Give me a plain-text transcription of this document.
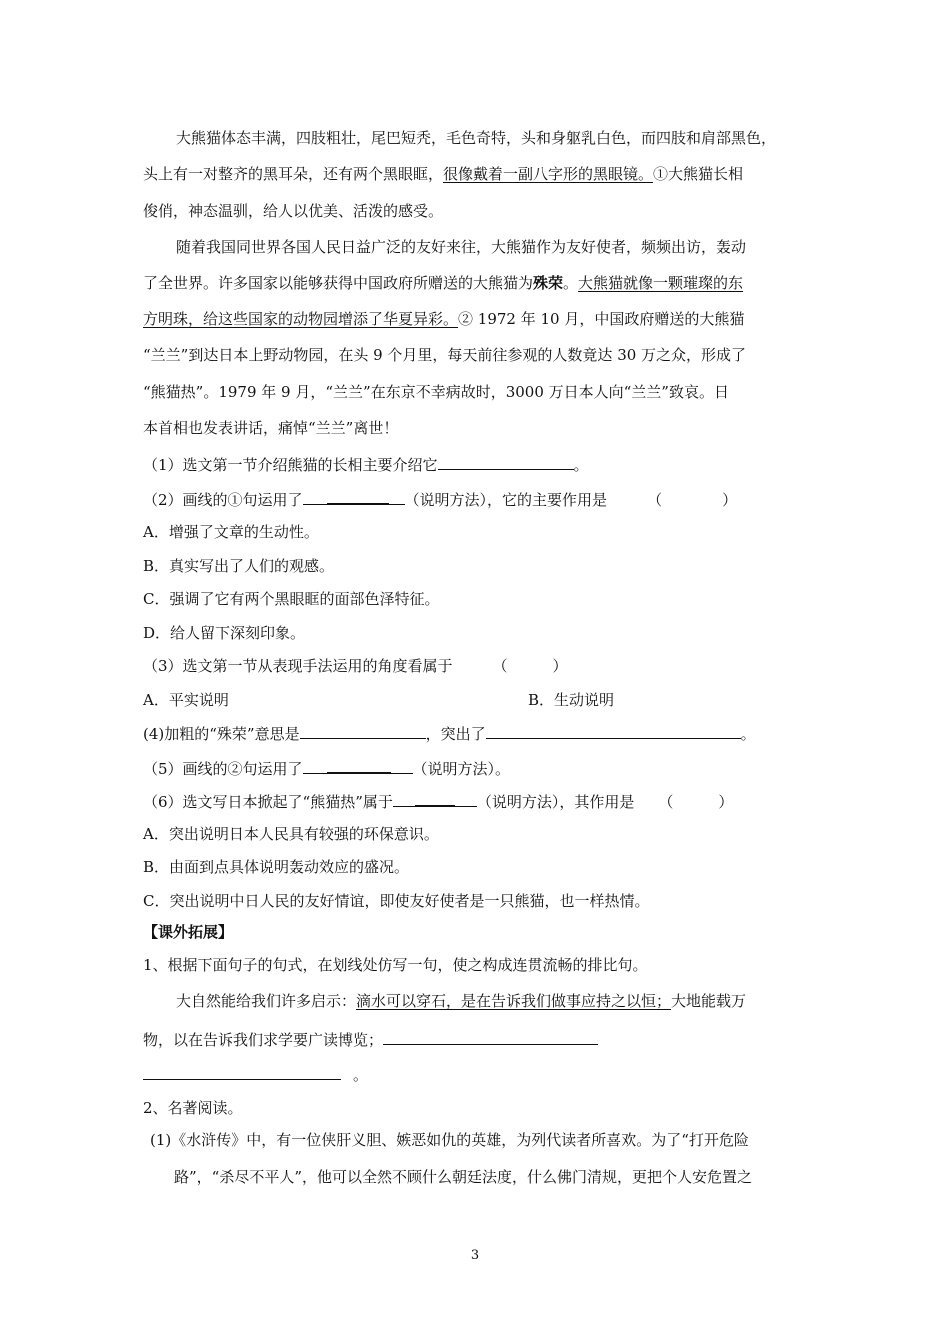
大熊猫体态丰满，四肢粗壮，尾巴短秃，毛色奇特，头和身躯乳白色，而四肢和肩部黑色，
头上有一对整齐的黑耳朵，还有两个黑眼眶，很像戴着一副八字形的黑眼镜。①大熊猫长相
俊俏，神态温驯，给人以优美、活泼的感受。
随着我国同世界各国人民日益广泛的友好来往，大熊猫作为友好使者，频频出访，轰动
了全世界。许多国家以能够获得中国政府所赠送的大熊猫为殊荣。大熊猫就像一颗璀璨的东
方明珠，给这些国家的动物园增添了华夏异彩。② 1972 年 10 月，中国政府赠送的大熊猫
“兰兰”到达日本上野动物园，在头 9 个月里，每天前往参观的人数竟达 30 万之众，形成了
“熊猫热”。1979 年 9 月，“兰兰”在东京不幸病故时，3000 万日本人向“兰兰”致哀。日
本首相也发表讲话，痛悼“兰兰”离世！
（1）选文第一节介绍熊猫的长相主要介绍它	。
（2）画线的①句运用了	（说明方法），它的主要作用是	（　　　　）
A．增强了文章的生动性。
B．真实写出了人们的观感。
C．强调了它有两个黑眼眶的面部色泽特征。
D．给人留下深刻印象。
（3）选文第一节从表现手法运用的角度看属于	（　　　）
A．平实说明	B．生动说明
(4)加粗的“殊荣”意思是	，突出了	。
（5）画线的②句运用了	（说明方法）。
（6）选文写日本掀起了“熊猫热”属于	（说明方法），其作用是 （　　　）
A．突出说明日本人民具有较强的环保意识。
B．由面到点具体说明轰动效应的盛况。
C．突出说明中日人民的友好情谊，即使友好使者是一只熊猫，也一样热情。
【课外拓展】
1、根据下面句子的句式，在划线处仿写一句，使之构成连贯流畅的排比句。
大自然能给我们许多启示：滴水可以穿石，是在告诉我们做事应持之以恒；大地能载万
物，以在告诉我们求学要广读博览；
。
2、名著阅读。
(1)《水浒传》中，有一位侠肝义胆、嫉恶如仇的英雄，为列代读者所喜欢。为了“打开危险
路”，“杀尽不平人”，他可以全然不顾什么朝廷法度，什么佛门清规，更把个人安危置之
3
